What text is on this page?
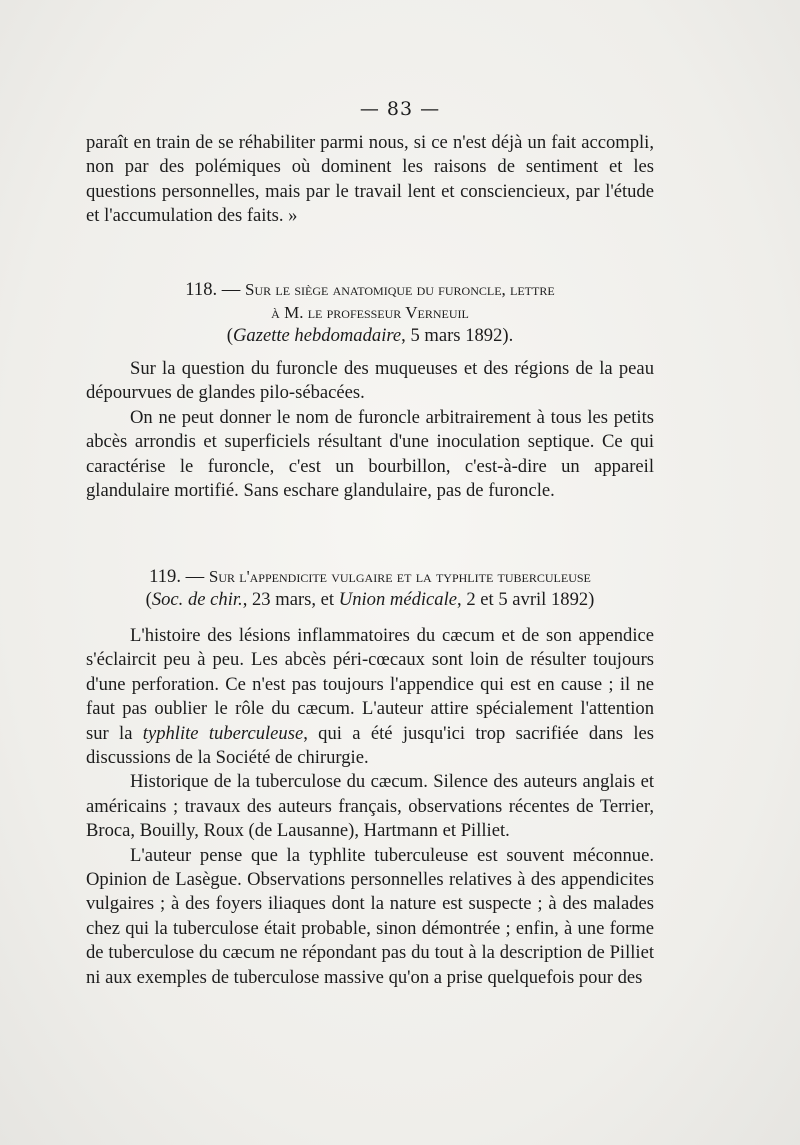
— 83 —

paraît en train de se réhabiliter parmi nous, si ce n'est déjà un fait accompli, non par des polémiques où dominent les raisons de sentiment et les questions personnelles, mais par le travail lent et consciencieux, par l'étude et l'accumulation des faits. »

118. — Sur le siège anatomique du furoncle, lettre
à M. le professeur Verneuil
(Gazette hebdomadaire, 5 mars 1892).

Sur la question du furoncle des muqueuses et des régions de la peau dépourvues de glandes pilo-sébacées.

On ne peut donner le nom de furoncle arbitrairement à tous les petits abcès arrondis et superficiels résultant d'une inoculation septique. Ce qui caractérise le furoncle, c'est un bourbillon, c'est-à-dire un appareil glandulaire mortifié. Sans eschare glandulaire, pas de furoncle.

119. — Sur l'appendicite vulgaire et la typhlite tuberculeuse
(Soc. de chir., 23 mars, et Union médicale, 2 et 5 avril 1892)

L'histoire des lésions inflammatoires du cæcum et de son appendice s'éclaircit peu à peu. Les abcès péri-cœcaux sont loin de résulter toujours d'une perforation. Ce n'est pas toujours l'appendice qui est en cause ; il ne faut pas oublier le rôle du cæcum. L'auteur attire spécialement l'attention sur la typhlite tuberculeuse, qui a été jusqu'ici trop sacrifiée dans les discussions de la Société de chirurgie.

Historique de la tuberculose du cæcum. Silence des auteurs anglais et américains ; travaux des auteurs français, observations récentes de Terrier, Broca, Bouilly, Roux (de Lausanne), Hartmann et Pilliet.

L'auteur pense que la typhlite tuberculeuse est souvent méconnue. Opinion de Lasègue. Observations personnelles relatives à des appendicites vulgaires ; à des foyers iliaques dont la nature est suspecte ; à des malades chez qui la tuberculose était probable, sinon démontrée ; enfin, à une forme de tuberculose du cæcum ne répondant pas du tout à la description de Pilliet ni aux exemples de tuberculose massive qu'on a prise quelquefois pour des
